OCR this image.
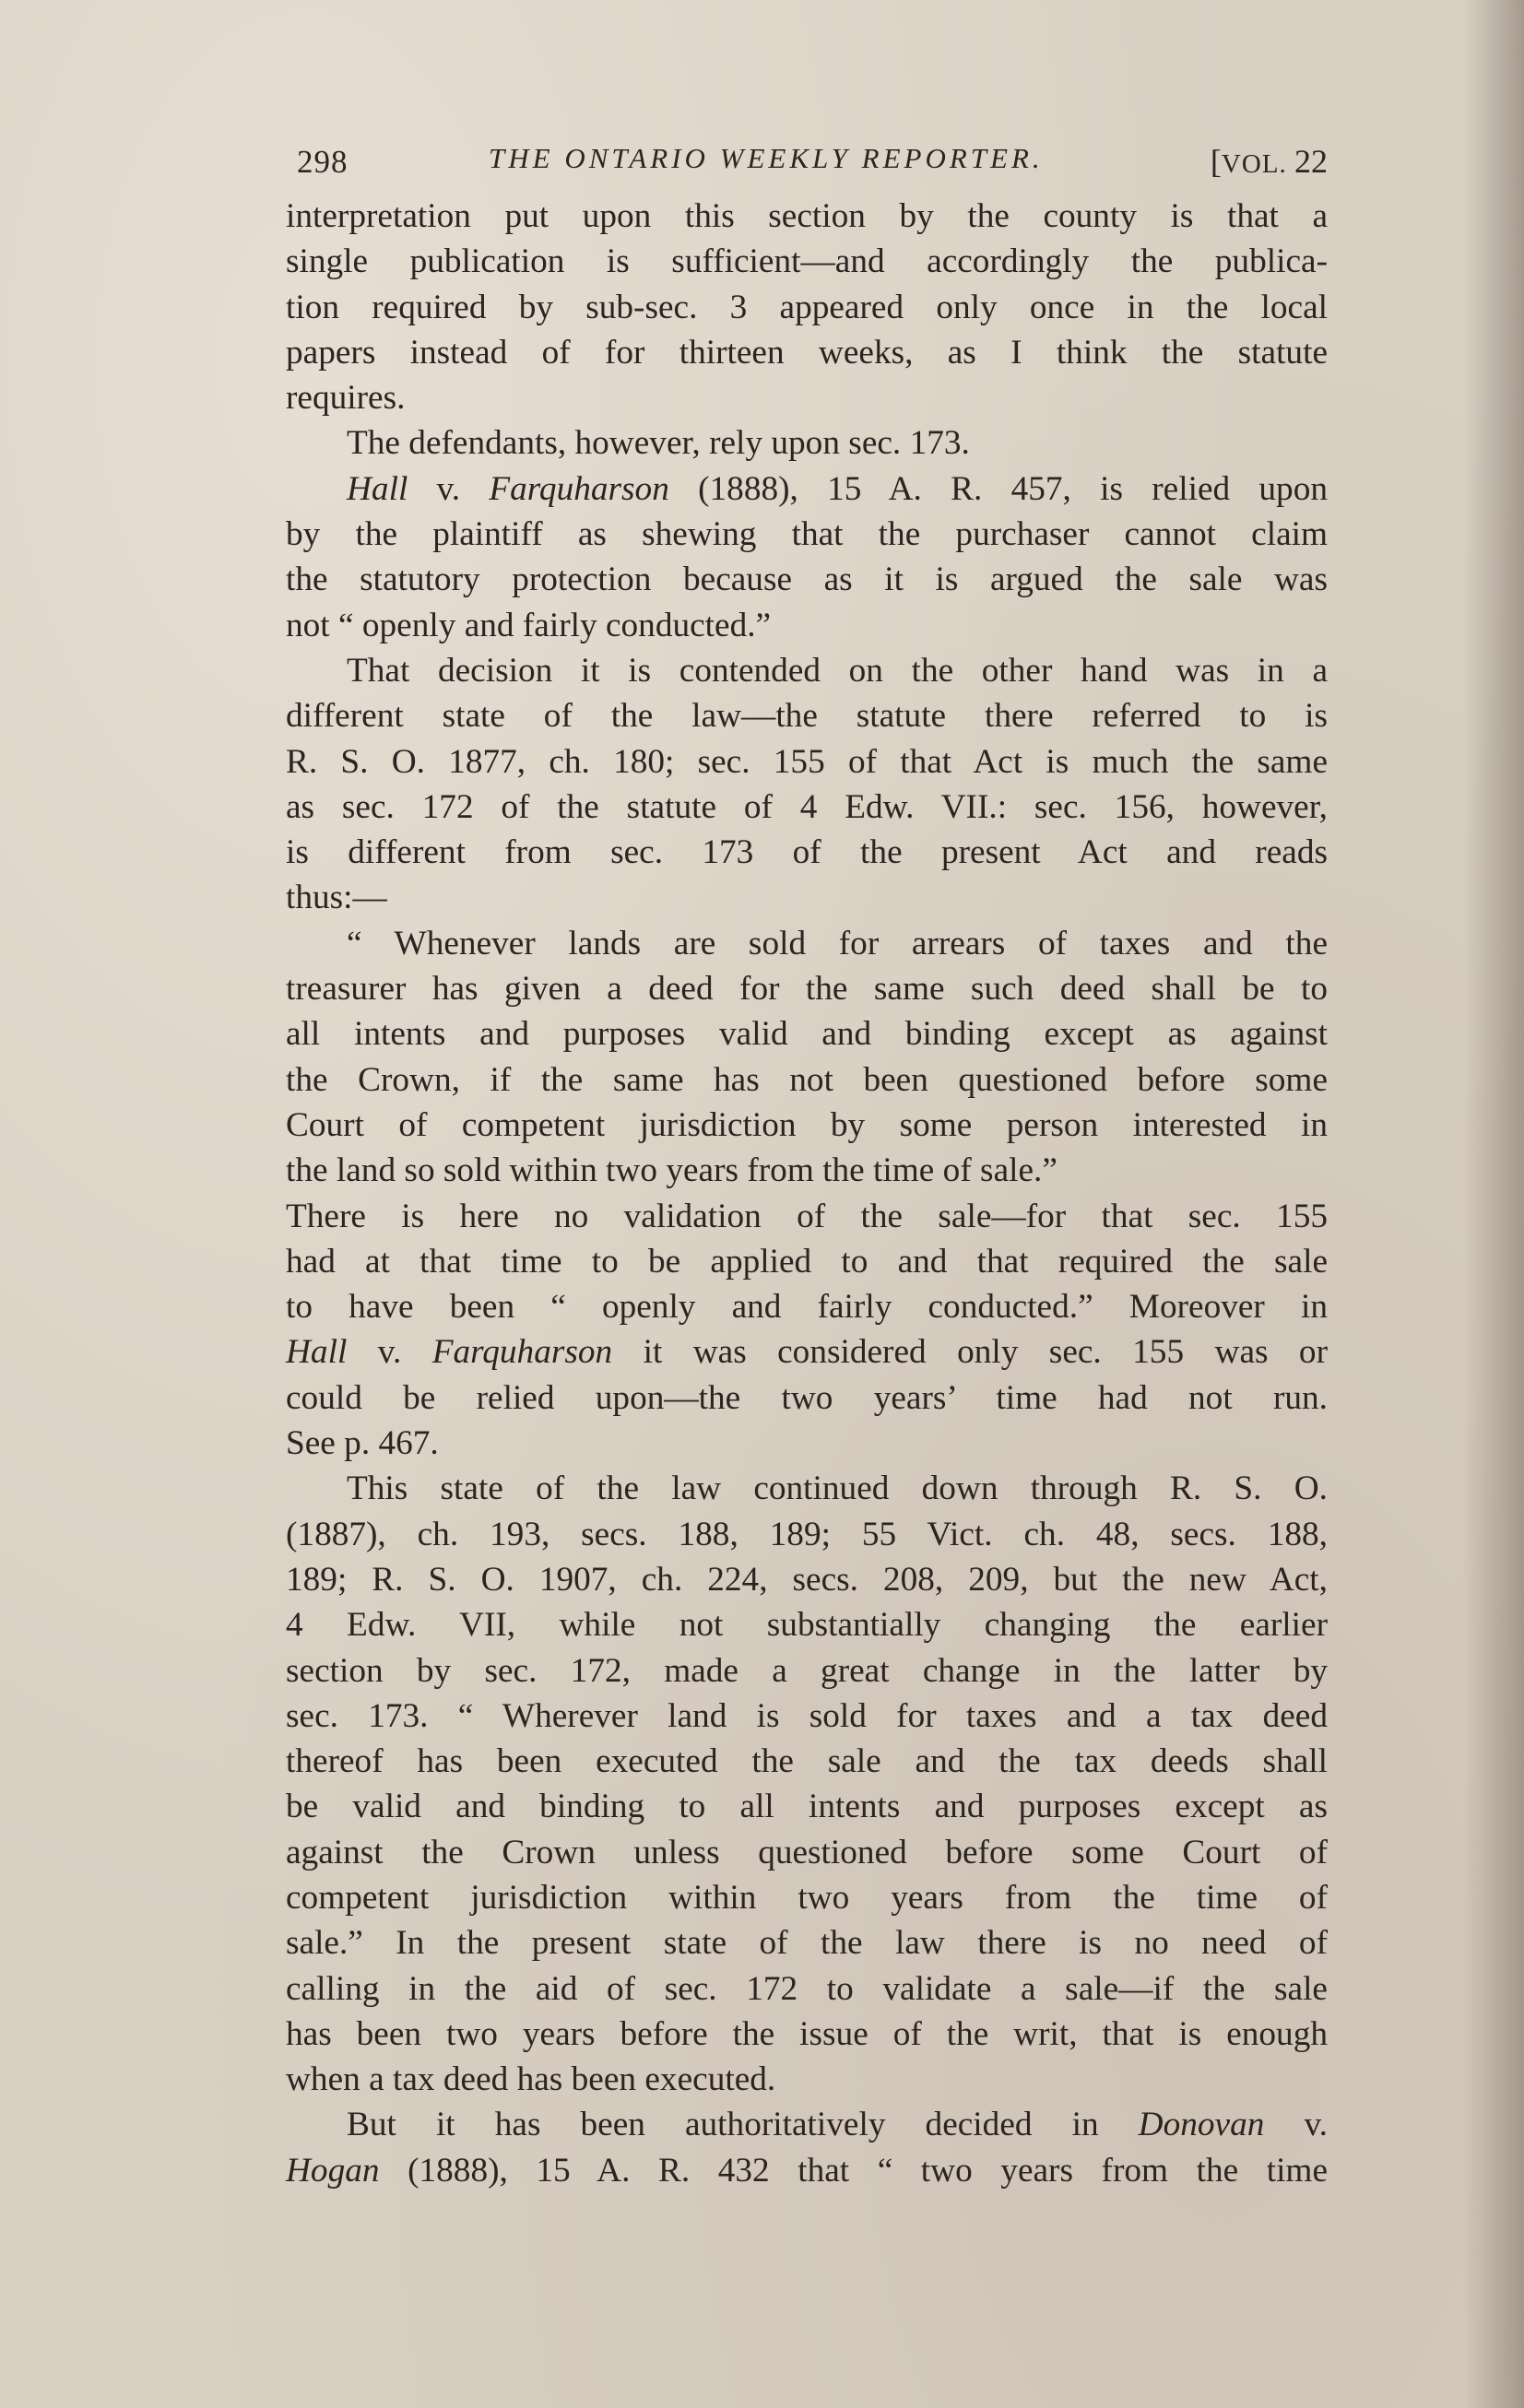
298	THE ONTARIO WEEKLY REPORTER.	[VOL. 22
interpretation put upon this section by the county is that a
single publication is sufficient—and accordingly the publica-
tion required by sub-sec. 3 appeared only once in the local
papers instead of for thirteen weeks, as I think the statute
requires.
The defendants, however, rely upon sec. 173.
Hall v. Farquharson (1888), 15 A. R. 457, is relied upon
by the plaintiff as shewing that the purchaser cannot claim
the statutory protection because as it is argued the sale was
not “ openly and fairly conducted.”
That decision it is contended on the other hand was in a
different state of the law—the statute there referred to is
R. S. O. 1877, ch. 180; sec. 155 of that Act is much the same
as sec. 172 of the statute of 4 Edw. VII.: sec. 156, however,
is different from sec. 173 of the present Act and reads
thus:—
“ Whenever lands are sold for arrears of taxes and the
treasurer has given a deed for the same such deed shall be to
all intents and purposes valid and binding except as against
the Crown, if the same has not been questioned before some
Court of competent jurisdiction by some person interested in
the land so sold within two years from the time of sale.”
There is here no validation of the sale—for that sec. 155
had at that time to be applied to and that required the sale
to have been “ openly and fairly conducted.” Moreover in
Hall v. Farquharson it was considered only sec. 155 was or
could be relied upon—the two years’ time had not run.
See p. 467.
This state of the law continued down through R. S. O.
(1887), ch. 193, secs. 188, 189; 55 Vict. ch. 48, secs. 188,
189; R. S. O. 1907, ch. 224, secs. 208, 209, but the new Act,
4 Edw. VII, while not substantially changing the earlier
section by sec. 172, made a great change in the latter by
sec. 173. “ Wherever land is sold for taxes and a tax deed
thereof has been executed the sale and the tax deeds shall
be valid and binding to all intents and purposes except as
against the Crown unless questioned before some Court of
competent jurisdiction within two years from the time of
sale.” In the present state of the law there is no need of
calling in the aid of sec. 172 to validate a sale—if the sale
has been two years before the issue of the writ, that is enough
when a tax deed has been executed.
But it has been authoritatively decided in Donovan v.
Hogan (1888), 15 A. R. 432 that “ two years from the time
